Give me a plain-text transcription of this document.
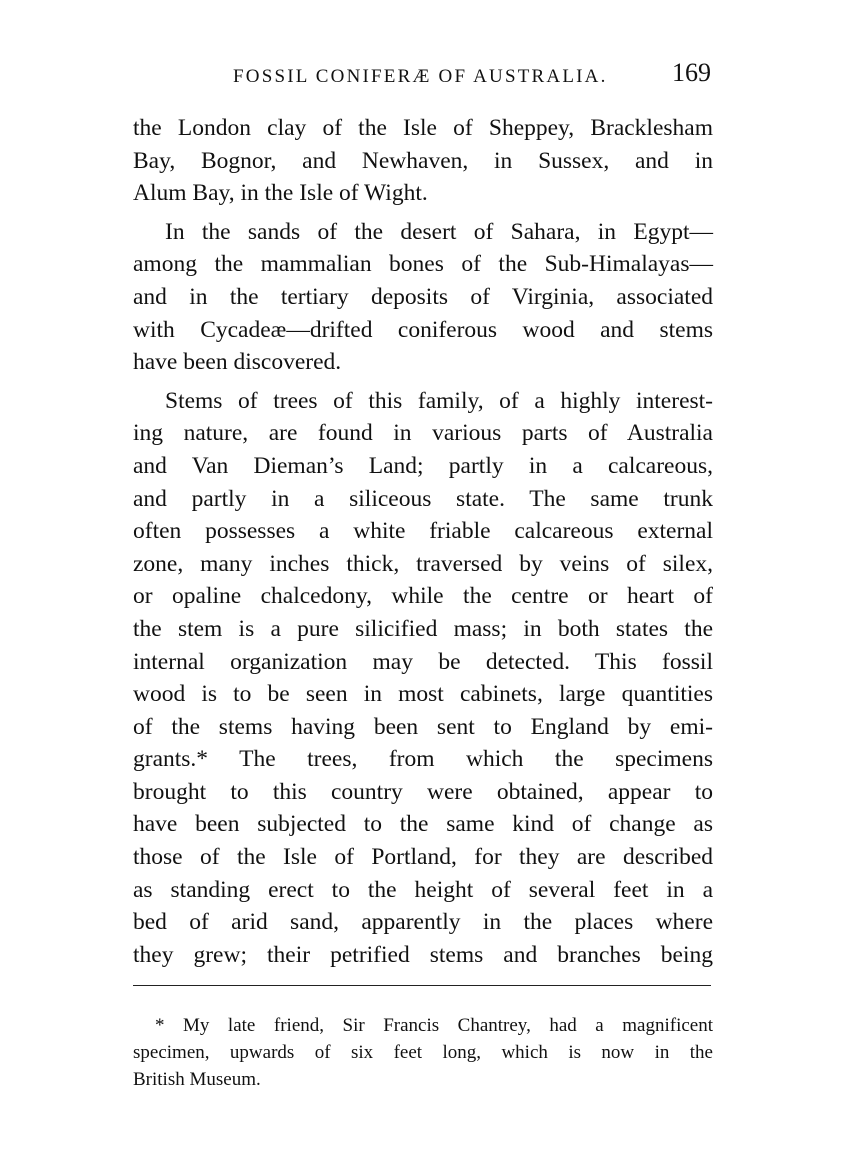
FOSSIL CONIFERÆ OF AUSTRALIA. 169
the London clay of the Isle of Sheppey, Bracklesham
Bay, Bognor, and Newhaven, in Sussex, and in
Alum Bay, in the Isle of Wight.
In the sands of the desert of Sahara, in Egypt—
among the mammalian bones of the Sub-Himalayas—
and in the tertiary deposits of Virginia, associated
with Cycadeæ—drifted coniferous wood and stems
have been discovered.
Stems of trees of this family, of a highly interest-
ing nature, are found in various parts of Australia
and Van Dieman’s Land; partly in a calcareous,
and partly in a siliceous state. The same trunk
often possesses a white friable calcareous external
zone, many inches thick, traversed by veins of silex,
or opaline chalcedony, while the centre or heart of
the stem is a pure silicified mass; in both states the
internal organization may be detected. This fossil
wood is to be seen in most cabinets, large quantities
of the stems having been sent to England by emi-
grants.* The trees, from which the specimens
brought to this country were obtained, appear to
have been subjected to the same kind of change as
those of the Isle of Portland, for they are described
as standing erect to the height of several feet in a
bed of arid sand, apparently in the places where
they grew; their petrified stems and branches being
* My late friend, Sir Francis Chantrey, had a magnificent
specimen, upwards of six feet long, which is now in the
British Museum.
